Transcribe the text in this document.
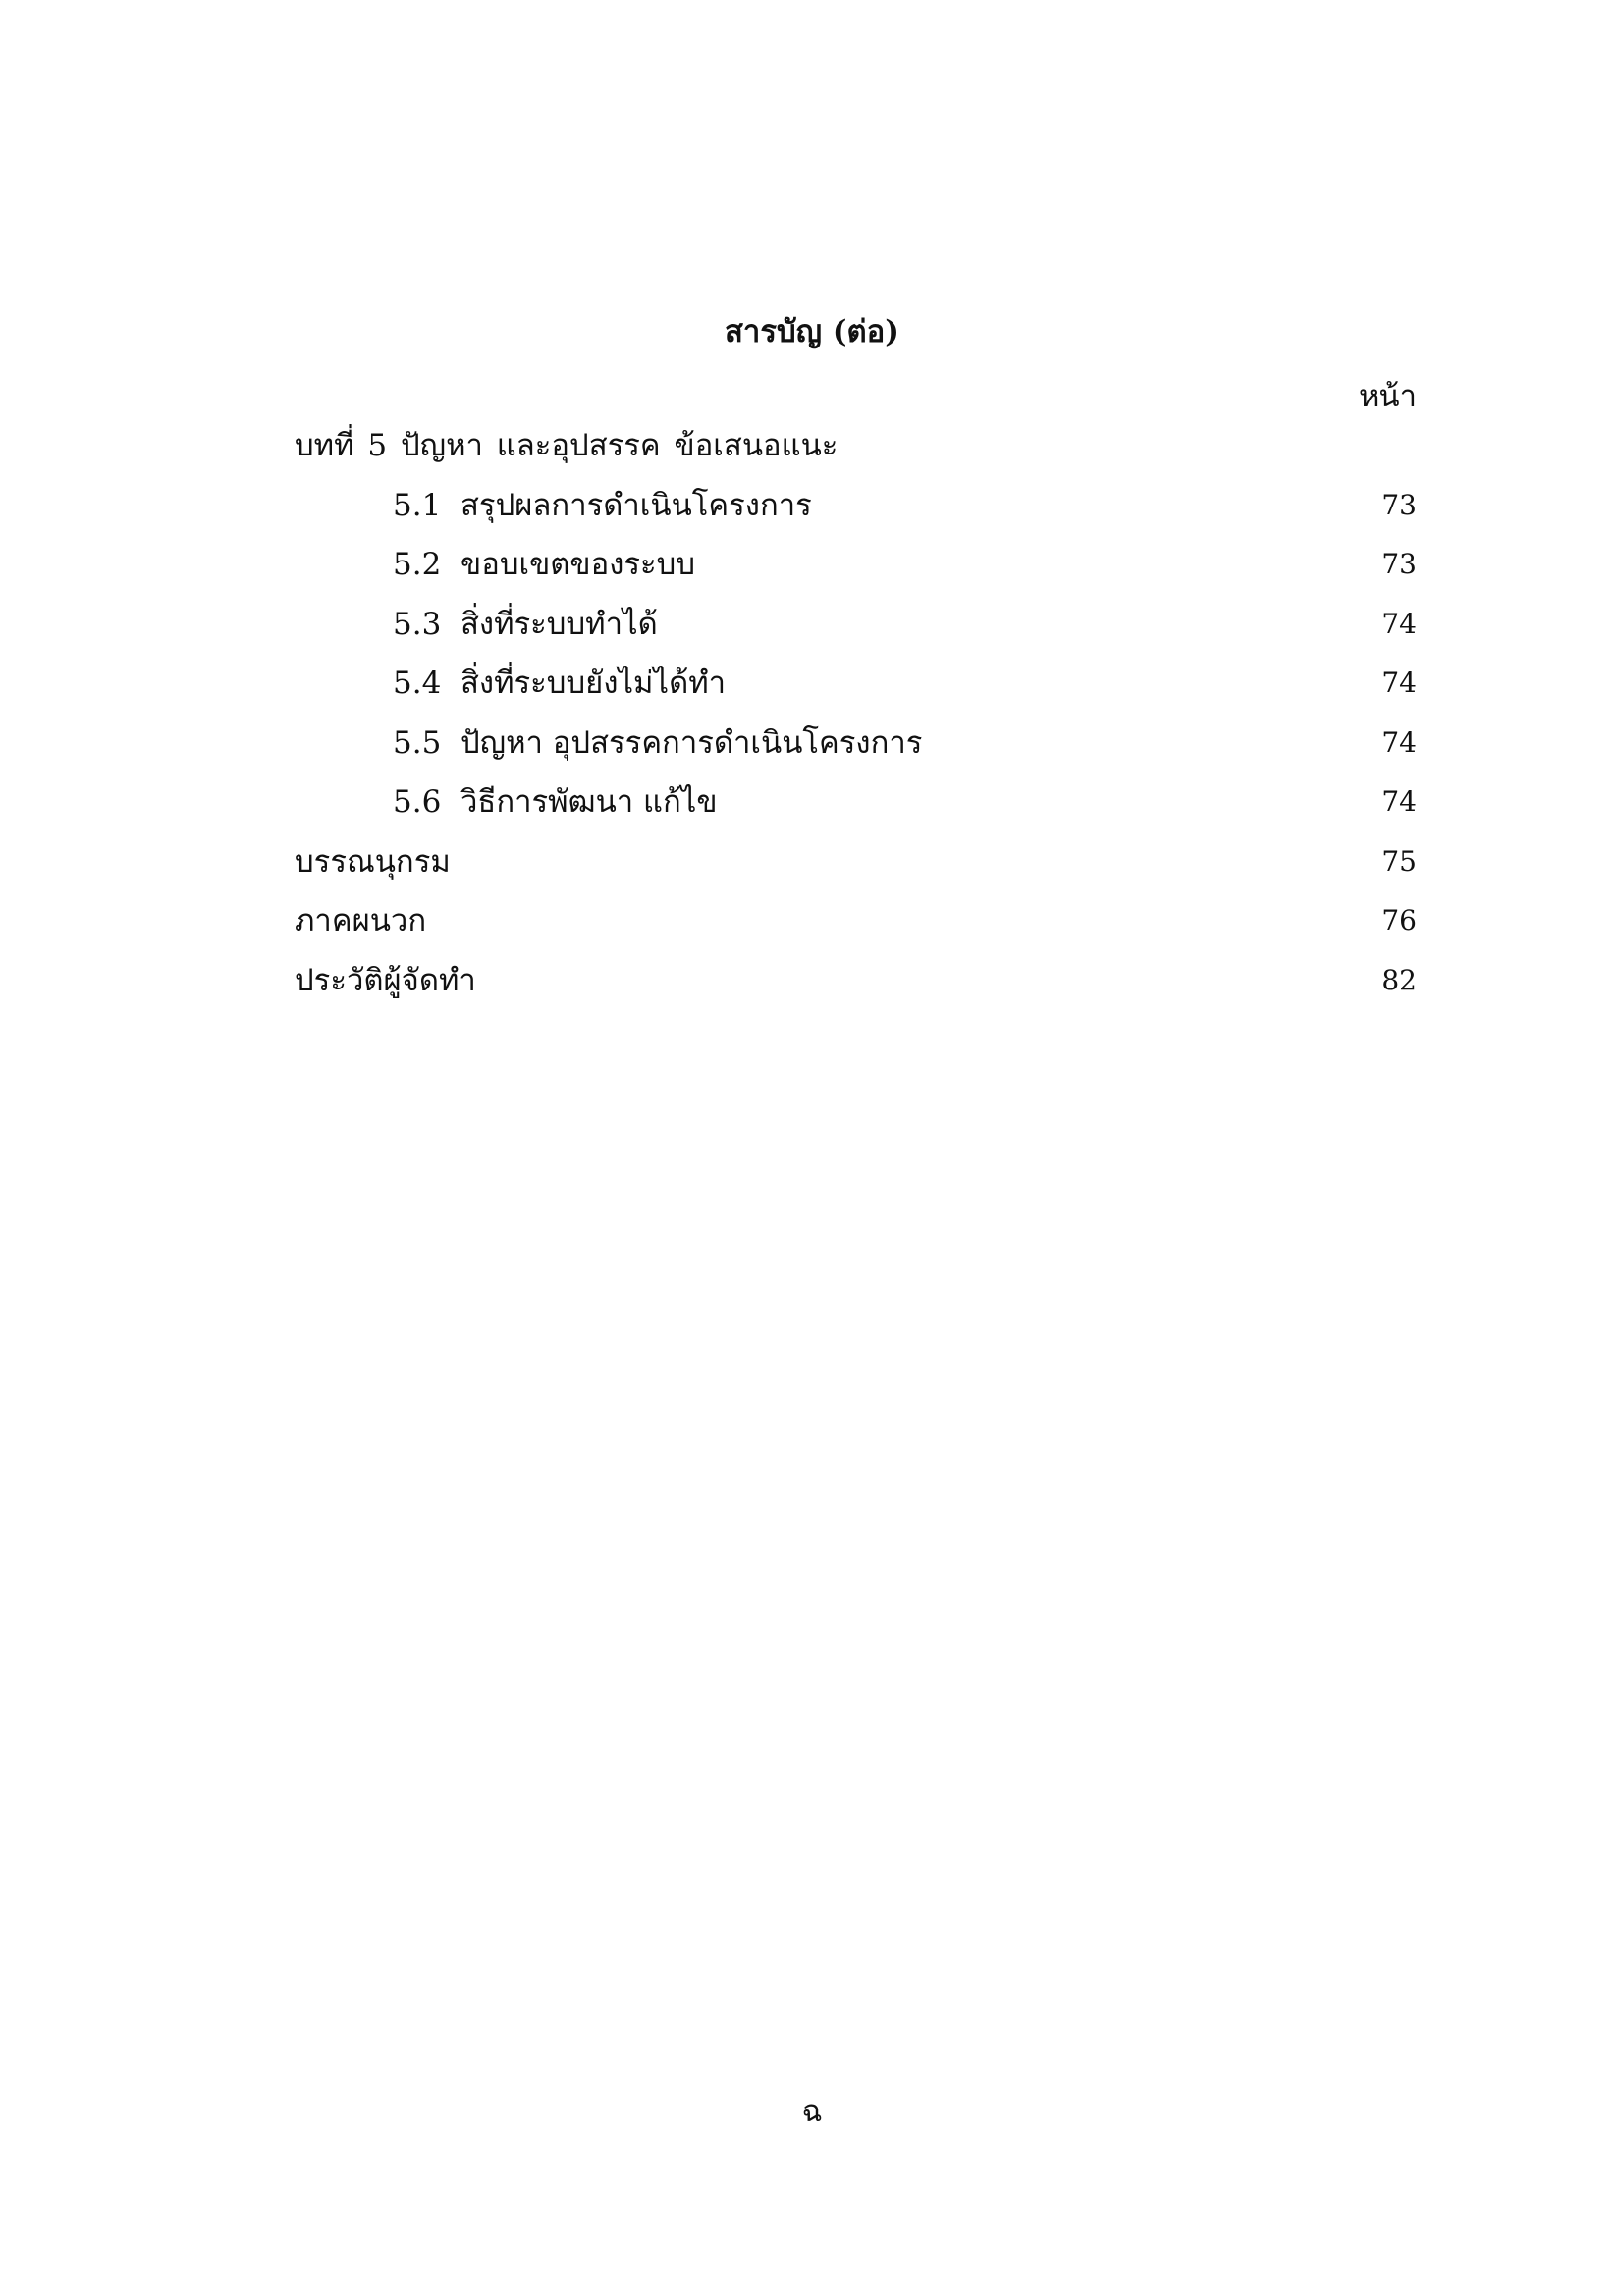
สารบัญ (ต่อ)
หน้า
บทที่ 5 ปัญหา และอุปสรรค ข้อเสนอแนะ
5.1  สรุปผลการดำเนินโครงการ	73
5.2  ขอบเขตของระบบ	73
5.3  สิ่งที่ระบบทำได้	74
5.4  สิ่งที่ระบบยังไม่ได้ทำ	74
5.5  ปัญหา อุปสรรคการดำเนินโครงการ	74
5.6  วิธีการพัฒนา แก้ไข	74
บรรณนุกรม	75
ภาคผนวก	76
ประวัติผู้จัดทำ	82
ฉ
